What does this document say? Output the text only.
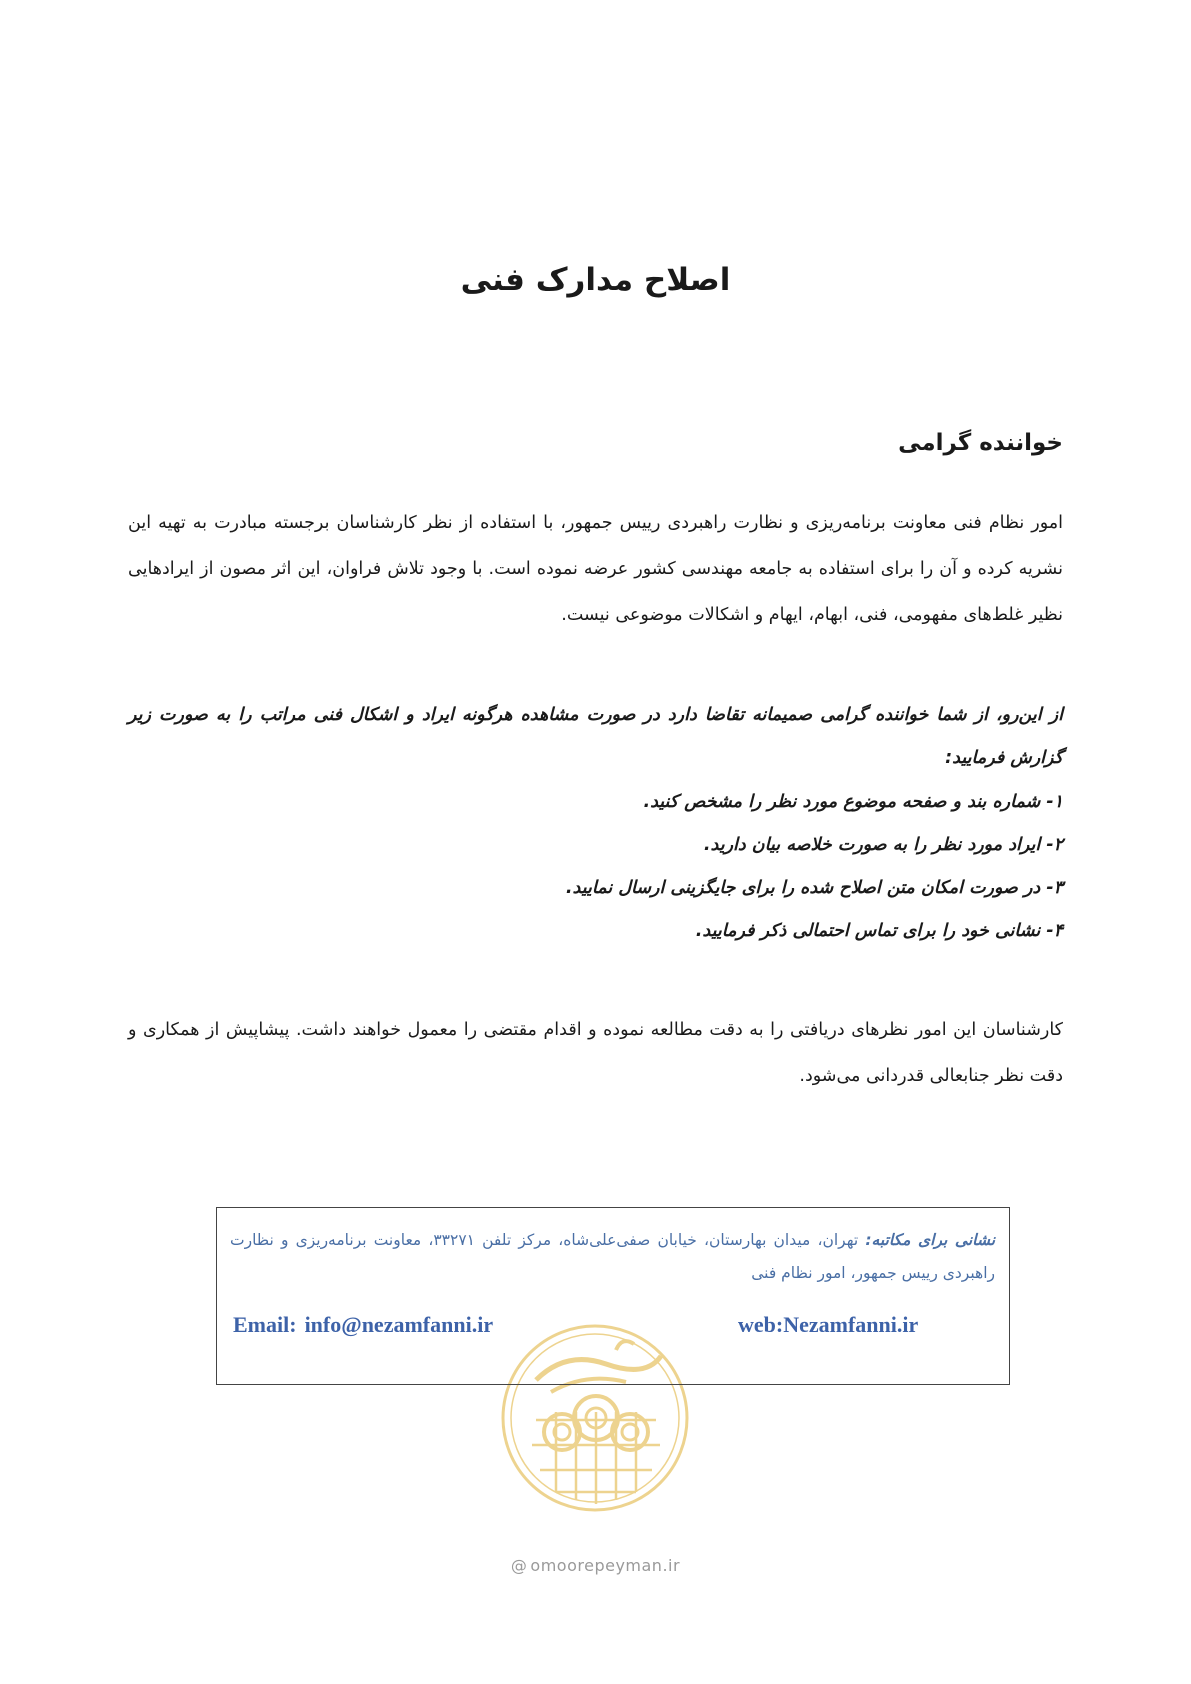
اصلاح مدارک فنی
خواننده گرامی

امور نظام فنی معاونت برنامه‌ریزی و نظارت راهبردی رییس جمهور، با استفاده از نظر کارشناسان برجسته مبادرت به تهیه این نشریه کرده و آن را برای استفاده به جامعه مهندسی کشور عرضه نموده است. با وجود تلاش فراوان، این اثر مصون از ایرادهایی نظیر غلط‌های مفهومی، فنی، ابهام، ایهام و اشکالات موضوعی نیست.

از این‌رو، از شما خواننده گرامی صمیمانه تقاضا دارد در صورت مشاهده هرگونه ایراد و اشکال فنی مراتب را به صورت زیر گزارش فرمایید:

۱- شماره بند و صفحه موضوع مورد نظر را مشخص کنید.
۲- ایراد مورد نظر را به صورت خلاصه بیان دارید.
۳- در صورت امکان متن اصلاح شده را برای جایگزینی ارسال نمایید.
۴- نشانی خود را برای تماس احتمالی ذکر فرمایید.

کارشناسان این امور نظرهای دریافتی را به دقت مطالعه نموده و اقدام مقتضی را معمول خواهند داشت. پیشاپیش از همکاری و دقت نظر جنابعالی قدردانی می‌شود.

نشانی برای مکاتبه: تهران، میدان بهارستان، خیابان صفی‌علی‌شاه، مرکز تلفن ۳۳۲۷۱، معاونت برنامه‌ریزی و نظارت راهبردی رییس جمهور، امور نظام فنی

Email: info@nezamfanni.ir	web:Nezamfanni.ir
@ omoorepeyman.ir
